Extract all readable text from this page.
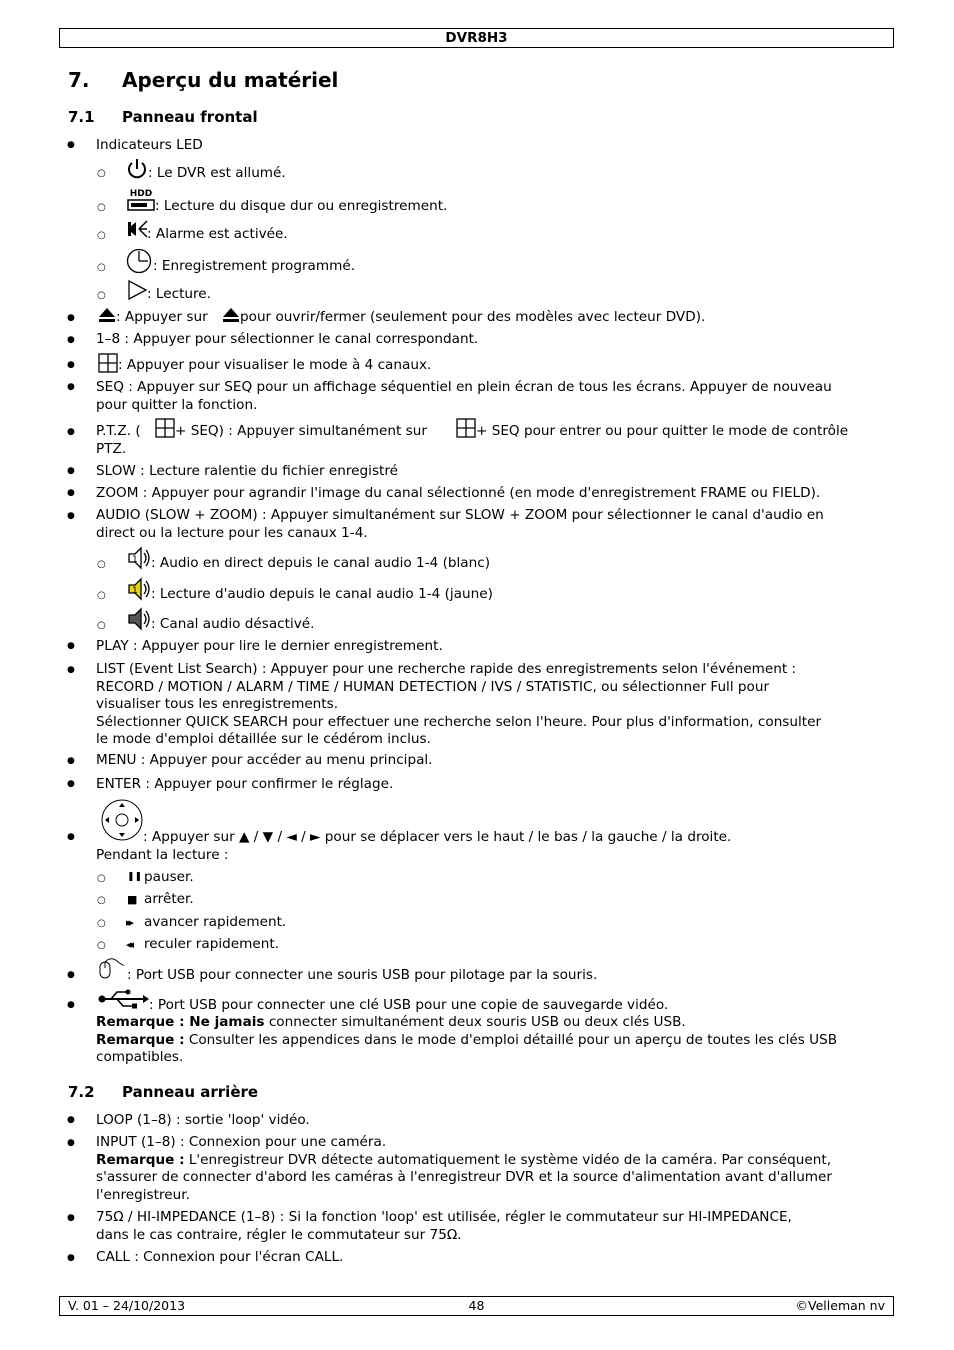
DVR8H3
7. Aperçu du matériel
7.1 Panneau frontal
● Indicateurs LED
○	: Le DVR est allumé.
○
HDD
: Lecture du disque dur ou enregistrement.
○	: Alarme est activée.
○	: Enregistrement programmé.
○	: Lecture.
●	: Appuyer sur pour ouvrir/fermer (seulement pour des modèles avec lecteur DVD).
● 1–8 : Appuyer pour sélectionner le canal correspondant.
●	: Appuyer pour visualiser le mode à 4 canaux.
● SEQ : Appuyer sur SEQ pour un affichage séquentiel en plein écran de tous les écrans. Appuyer de nouveau
pour quitter la fonction.
● P.T.Z. (	+ SEQ) : Appuyer simultanément sur	+ SEQ pour entrer ou pour quitter le mode de contrôle
PTZ.
● SLOW : Lecture ralentie du fichier enregistré
● ZOOM : Appuyer pour agrandir l'image du canal sélectionné (en mode d'enregistrement FRAME ou FIELD).
● AUDIO (SLOW + ZOOM) : Appuyer simultanément sur SLOW + ZOOM pour sélectionner le canal d'audio en
direct ou la lecture pour les canaux 1-4.
○	1 : Audio en direct depuis le canal audio 1-4 (blanc)
○	1 : Lecture d'audio depuis le canal audio 1-4 (jaune)
○	: Canal audio désactivé.
● PLAY : Appuyer pour lire le dernier enregistrement.
● LIST (Event List Search) : Appuyer pour une recherche rapide des enregistrements selon l'événement :
RECORD / MOTION / ALARM / TIME / HUMAN DETECTION / IVS / STATISTIC, ou sélectionner Full pour
visualiser tous les enregistrements.
Sélectionner QUICK SEARCH pour effectuer une recherche selon l'heure. Pour plus d'information, consulter
le mode d'emploi détaillée sur le cédérom inclus.
● MENU : Appuyer pour accéder au menu principal.
● ENTER : Appuyer pour confirmer le réglage.
●	: Appuyer sur ▲ / ▼ / ◄ / ► pour se déplacer vers le haut / le bas / la gauche / la droite.
Pendant la lecture :
○ ❚❚ pauser.
○ ■ arrêter.
○ ▸▸ avancer rapidement.
○ ◂◂ reculer rapidement.
●	: Port USB pour connecter une souris USB pour pilotage par la souris.
●	: Port USB pour connecter une clé USB pour une copie de sauvegarde vidéo.
Remarque : Ne jamais connecter simultanément deux souris USB ou deux clés USB.
Remarque : Consulter les appendices dans le mode d'emploi détaillé pour un aperçu de toutes les clés USB
compatibles.
7.2 Panneau arrière
● LOOP (1–8) : sortie 'loop' vidéo.
● INPUT (1–8) : Connexion pour une caméra.
Remarque : L'enregistreur DVR détecte automatiquement le système vidéo de la caméra. Par conséquent,
s'assurer de connecter d'abord les caméras à l'enregistreur DVR et la source d'alimentation avant d'allumer
l'enregistreur.
● 75Ω / HI-IMPEDANCE (1–8) : Si la fonction 'loop' est utilisée, régler le commutateur sur HI-IMPEDANCE,
dans le cas contraire, régler le commutateur sur 75Ω.
● CALL : Connexion pour l'écran CALL.
V. 01 – 24/10/2013	48	©Velleman nv
